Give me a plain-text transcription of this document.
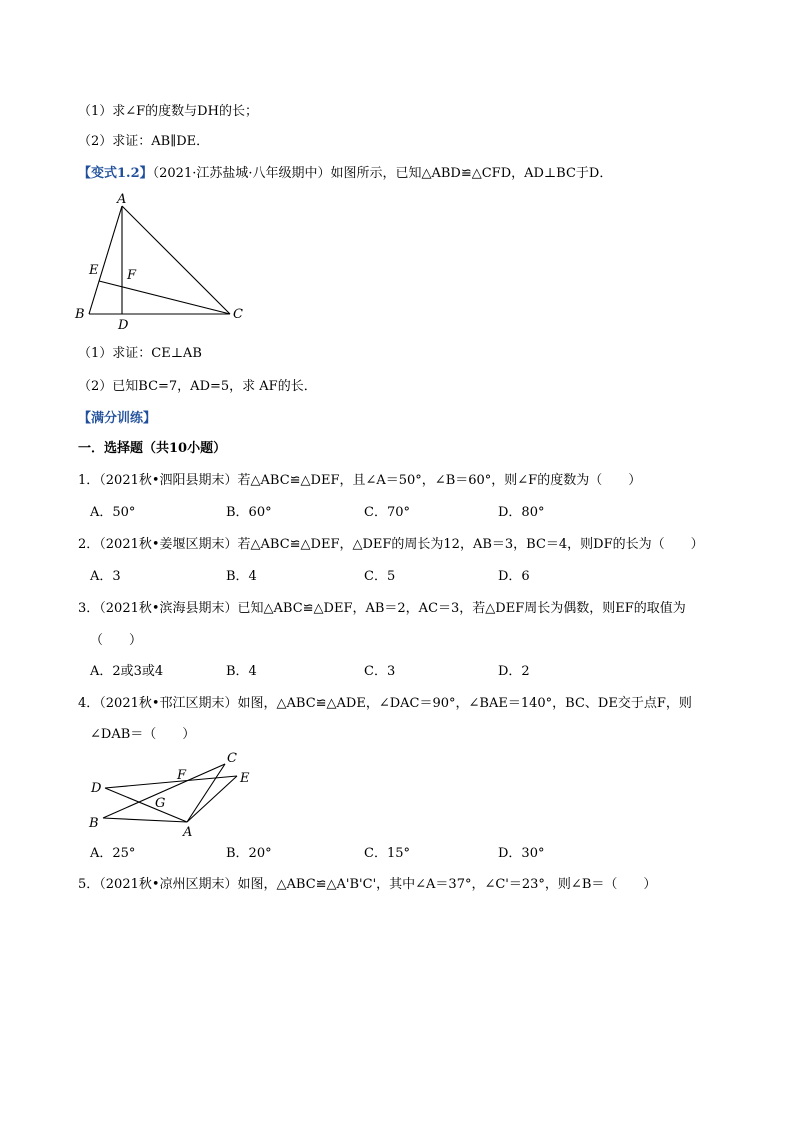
（1）求∠F的度数与DH的长；
（2）求证：AB∥DE．
【变式1.2】（2021·江苏盐城·八年级期中）如图所示，已知△ABD≌△CFD，AD⊥BC于D．
A
E F
B
D
C
（1）求证：CE⊥AB
（2）已知BC=7，AD=5，求 AF的长．
【满分训练】
一．选择题（共10小题）
1．（2021秋•泗阳县期末）若△ABC≌△DEF，且∠A＝50°，∠B＝60°，则∠F的度数为（　　）
A．50°	B．60°	C．70°	D．80°
2．（2021秋•姜堰区期末）若△ABC≌△DEF，△DEF的周长为12，AB＝3，BC＝4，则DF的长为（　　）
A．3	B．4	C．5	D．6
3．（2021秋•滨海县期末）已知△ABC≌△DEF，AB＝2，AC＝3，若△DEF周长为偶数，则EF的取值为
（　　）
A．2或3或4	B．4	C．3	D．2
4．（2021秋•邗江区期末）如图，△ABC≌△ADE，∠DAC＝90°，∠BAE＝140°，BC、DE交于点F，则
∠DAB＝（　　）
C
D
F	E
G
B
A
A．25°	B．20°	C．15°	D．30°
5．（2021秋•凉州区期末）如图，△ABC≌△A'B'C'，其中∠A＝37°，∠C'＝23°，则∠B＝（　　）
